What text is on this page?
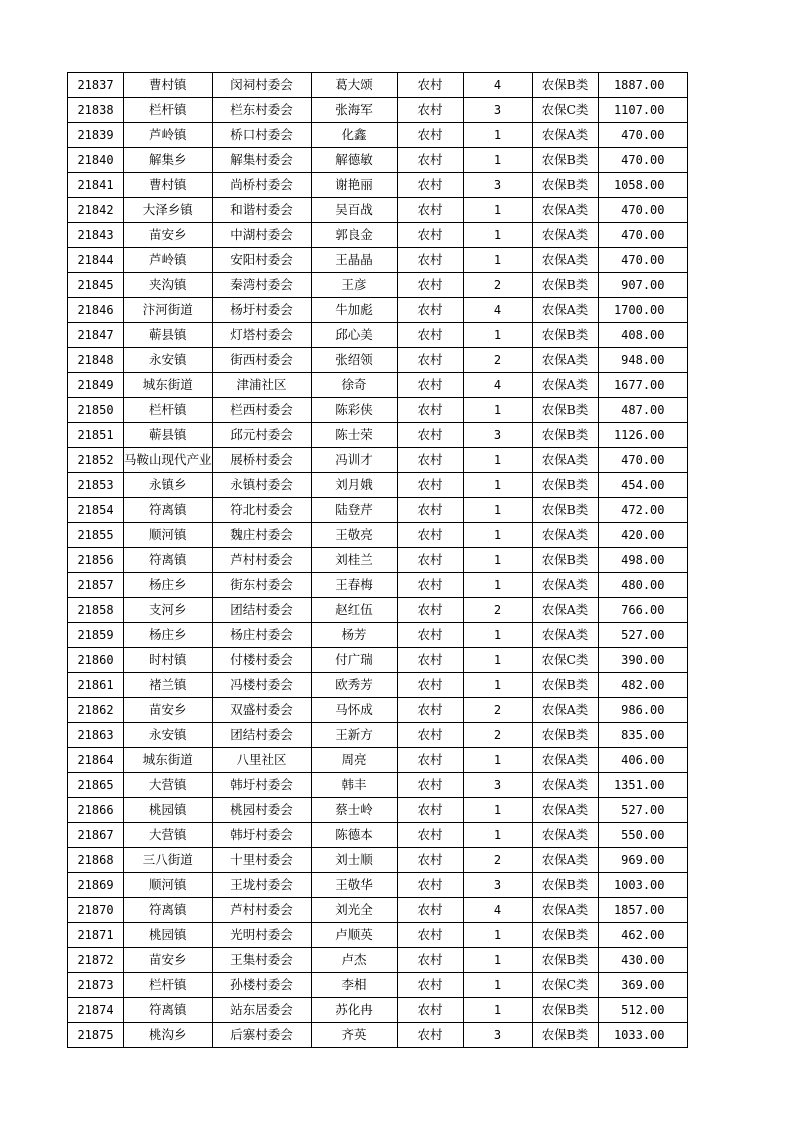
21837	曹村镇	闵祠村委会	葛大颂	农村	4	农保B类	1887.00
21838	栏杆镇	栏东村委会	张海军	农村	3	农保C类	1107.00
21839	芦岭镇	桥口村委会	化鑫	农村	1	农保A类	470.00
21840	解集乡	解集村委会	解德敏	农村	1	农保B类	470.00
21841	曹村镇	尚桥村委会	谢艳丽	农村	3	农保B类	1058.00
21842	大泽乡镇	和谐村委会	吴百战	农村	1	农保A类	470.00
21843	苗安乡	中湖村委会	郭良金	农村	1	农保A类	470.00
21844	芦岭镇	安阳村委会	王晶晶	农村	1	农保A类	470.00
21845	夹沟镇	秦湾村委会	王彦	农村	2	农保B类	907.00
21846	汴河街道	杨圩村委会	牛加彪	农村	4	农保A类	1700.00
21847	蕲县镇	灯塔村委会	邱心美	农村	1	农保B类	408.00
21848	永安镇	街西村委会	张绍领	农村	2	农保A类	948.00
21849	城东街道	津浦社区	徐奇	农村	4	农保A类	1677.00
21850	栏杆镇	栏西村委会	陈彩侠	农村	1	农保B类	487.00
21851	蕲县镇	邱元村委会	陈士荣	农村	3	农保B类	1126.00
21852	马鞍山现代产业	展桥村委会	冯训才	农村	1	农保A类	470.00
21853	永镇乡	永镇村委会	刘月娥	农村	1	农保B类	454.00
21854	符离镇	符北村委会	陆登芹	农村	1	农保B类	472.00
21855	顺河镇	魏庄村委会	王敬亮	农村	1	农保A类	420.00
21856	符离镇	芦村村委会	刘桂兰	农村	1	农保B类	498.00
21857	杨庄乡	街东村委会	王春梅	农村	1	农保A类	480.00
21858	支河乡	团结村委会	赵红伍	农村	2	农保A类	766.00
21859	杨庄乡	杨庄村委会	杨芳	农村	1	农保A类	527.00
21860	时村镇	付楼村委会	付广瑞	农村	1	农保C类	390.00
21861	褚兰镇	冯楼村委会	欧秀芳	农村	1	农保B类	482.00
21862	苗安乡	双盛村委会	马怀成	农村	2	农保A类	986.00
21863	永安镇	团结村委会	王新方	农村	2	农保B类	835.00
21864	城东街道	八里社区	周亮	农村	1	农保A类	406.00
21865	大营镇	韩圩村委会	韩丰	农村	3	农保A类	1351.00
21866	桃园镇	桃园村委会	蔡士岭	农村	1	农保A类	527.00
21867	大营镇	韩圩村委会	陈德本	农村	1	农保A类	550.00
21868	三八街道	十里村委会	刘士顺	农村	2	农保A类	969.00
21869	顺河镇	王垅村委会	王敬华	农村	3	农保B类	1003.00
21870	符离镇	芦村村委会	刘光全	农村	4	农保A类	1857.00
21871	桃园镇	光明村委会	卢顺英	农村	1	农保B类	462.00
21872	苗安乡	王集村委会	卢杰	农村	1	农保B类	430.00
21873	栏杆镇	孙楼村委会	李相	农村	1	农保C类	369.00
21874	符离镇	站东居委会	苏化冉	农村	1	农保B类	512.00
21875	桃沟乡	后寨村委会	齐英	农村	3	农保B类	1033.00
